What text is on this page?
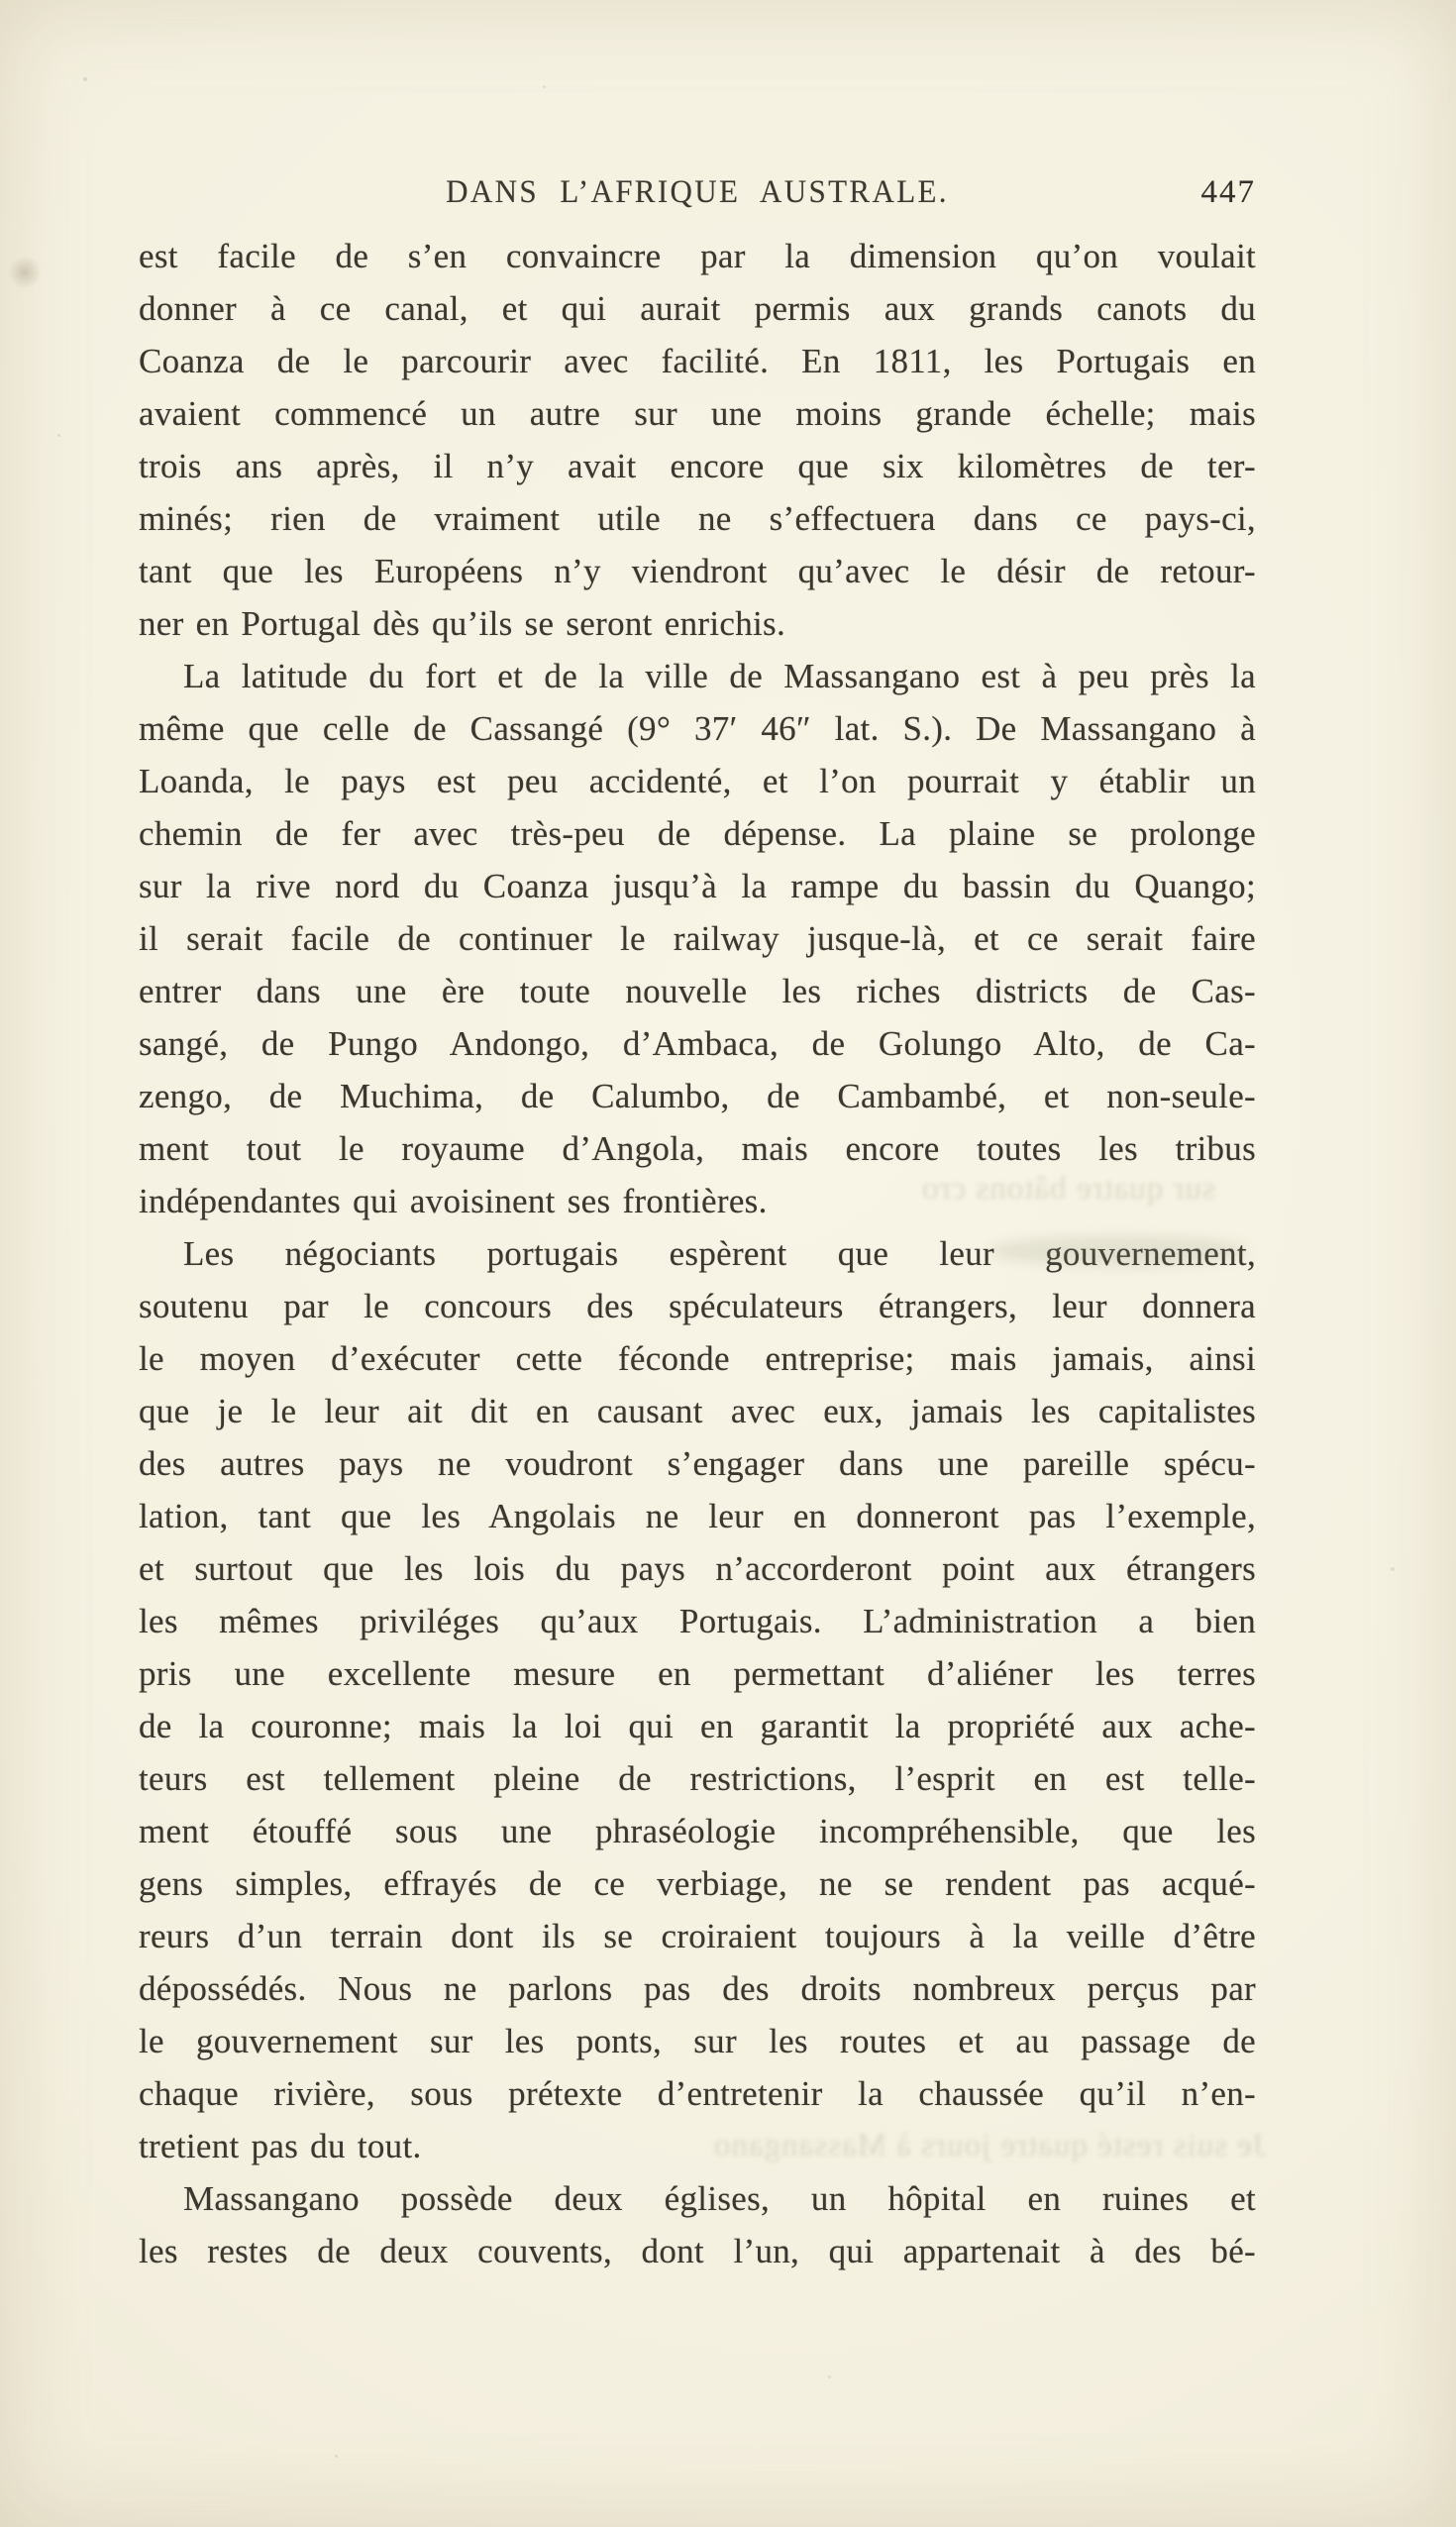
DANS L’AFRIQUE AUSTRALE.	447
est facile de s’en convaincre par la dimension qu’on voulait
donner à ce canal, et qui aurait permis aux grands canots du
Coanza de le parcourir avec facilité. En 1811, les Portugais en
avaient commencé un autre sur une moins grande échelle; mais
trois ans après, il n’y avait encore que six kilomètres de ter-
minés; rien de vraiment utile ne s’effectuera dans ce pays-ci,
tant que les Européens n’y viendront qu’avec le désir de retour-
ner en Portugal dès qu’ils se seront enrichis.
La latitude du fort et de la ville de Massangano est à peu près la
même que celle de Cassangé (9° 37′ 46″ lat. S.). De Massangano à
Loanda, le pays est peu accidenté, et l’on pourrait y établir un
chemin de fer avec très-peu de dépense. La plaine se prolonge
sur la rive nord du Coanza jusqu’à la rampe du bassin du Quango;
il serait facile de continuer le railway jusque-là, et ce serait faire
entrer dans une ère toute nouvelle les riches districts de Cas-
sangé, de Pungo Andongo, d’Ambaca, de Golungo Alto, de Ca-
zengo, de Muchima, de Calumbo, de Cambambé, et non-seule-
ment tout le royaume d’Angola, mais encore toutes les tribus
indépendantes qui avoisinent ses frontières.
Les négociants portugais espèrent que leur gouvernement,
soutenu par le concours des spéculateurs étrangers, leur donnera
le moyen d’exécuter cette féconde entreprise; mais jamais, ainsi
que je le leur ait dit en causant avec eux, jamais les capitalistes
des autres pays ne voudront s’engager dans une pareille spécu-
lation, tant que les Angolais ne leur en donneront pas l’exemple,
et surtout que les lois du pays n’accorderont point aux étrangers
les mêmes priviléges qu’aux Portugais. L’administration a bien
pris une excellente mesure en permettant d’aliéner les terres
de la couronne; mais la loi qui en garantit la propriété aux ache-
teurs est tellement pleine de restrictions, l’esprit en est telle-
ment étouffé sous une phraséologie incompréhensible, que les
gens simples, effrayés de ce verbiage, ne se rendent pas acqué-
reurs d’un terrain dont ils se croiraient toujours à la veille d’être
dépossédés. Nous ne parlons pas des droits nombreux perçus par
le gouvernement sur les ponts, sur les routes et au passage de
chaque rivière, sous prétexte d’entretenir la chaussée qu’il n’en-
tretient pas du tout.
Massangano possède deux églises, un hôpital en ruines et
les restes de deux couvents, dont l’un, qui appartenait à des bé-
sur quatre bâtons cro
Je suis resté quatre jours à Massangano
